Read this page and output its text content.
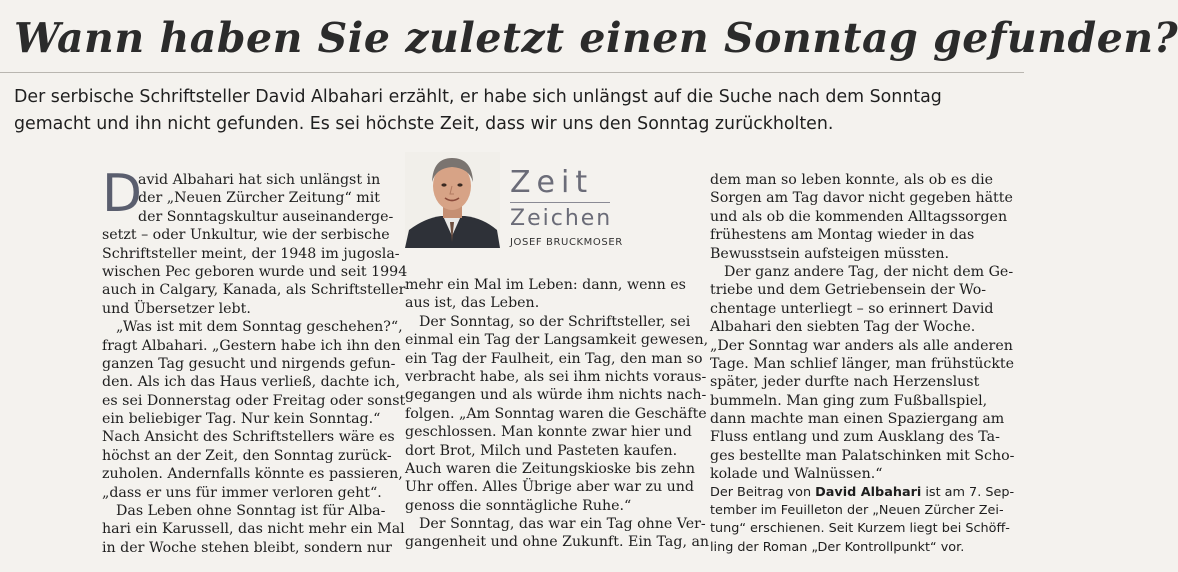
Wann haben Sie zuletzt einen Sonntag gefunden?
Der serbische Schriftsteller David Albahari erzählt, er habe sich unlängst auf die Suche nach dem Sonntag
gemacht und ihn nicht gefunden. Es sei höchste Zeit, dass wir uns den Sonntag zurückholten.
D
avid Albahari hat sich unlängst in
der „Neuen Zürcher Zeitung“ mit
der Sonntagskultur auseinanderge-
setzt – oder Unkultur, wie der serbische
Schriftsteller meint, der 1948 im jugosla-
wischen Pec geboren wurde und seit 1994
auch in Calgary, Kanada, als Schriftsteller
und Übersetzer lebt.
„Was ist mit dem Sonntag geschehen?“,
fragt Albahari. „Gestern habe ich ihn den
ganzen Tag gesucht und nirgends gefun-
den. Als ich das Haus verließ, dachte ich,
es sei Donnerstag oder Freitag oder sonst
ein beliebiger Tag. Nur kein Sonntag.“
Nach Ansicht des Schriftstellers wäre es
höchst an der Zeit, den Sonntag zurück-
zuholen. Andernfalls könnte es passieren,
„dass er uns für immer verloren geht“.
Das Leben ohne Sonntag ist für Alba-
hari ein Karussell, das nicht mehr ein Mal
in der Woche stehen bleibt, sondern nur
Zeit
Zeichen
JOSEF BRUCKMOSER
mehr ein Mal im Leben: dann, wenn es
aus ist, das Leben.
Der Sonntag, so der Schriftsteller, sei
einmal ein Tag der Langsamkeit gewesen,
ein Tag der Faulheit, ein Tag, den man so
verbracht habe, als sei ihm nichts voraus-
gegangen und als würde ihm nichts nach-
folgen. „Am Sonntag waren die Geschäfte
geschlossen. Man konnte zwar hier und
dort Brot, Milch und Pasteten kaufen.
Auch waren die Zeitungskioske bis zehn
Uhr offen. Alles Übrige aber war zu und
genoss die sonntägliche Ruhe.“
Der Sonntag, das war ein Tag ohne Ver-
gangenheit und ohne Zukunft. Ein Tag, an
dem man so leben konnte, als ob es die
Sorgen am Tag davor nicht gegeben hätte
und als ob die kommenden Alltagssorgen
frühestens am Montag wieder in das
Bewusstsein aufsteigen müssten.
Der ganz andere Tag, der nicht dem Ge-
triebe und dem Getriebensein der Wo-
chentage unterliegt – so erinnert David
Albahari den siebten Tag der Woche.
„Der Sonntag war anders als alle anderen
Tage. Man schlief länger, man frühstückte
später, jeder durfte nach Herzenslust
bummeln. Man ging zum Fußballspiel,
dann machte man einen Spaziergang am
Fluss entlang und zum Ausklang des Ta-
ges bestellte man Palatschinken mit Scho-
kolade und Walnüssen.“
Der Beitrag von David Albahari ist am 7. Sep-
tember im Feuilleton der „Neuen Zürcher Zei-
tung“ erschienen. Seit Kurzem liegt bei Schöff-
ling der Roman „Der Kontrollpunkt“ vor.
